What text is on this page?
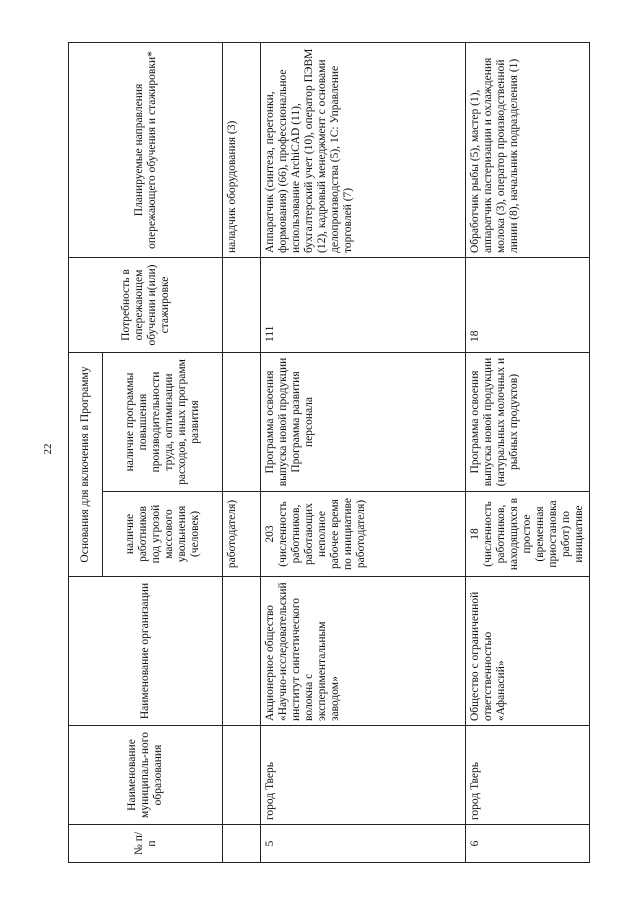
22
№ п/п	Наименование муниципаль-ного образования	Наименование организации	Основания для включения в Программу		Потребность в опережающем обучении и(или) стажировке	Планируемые направления опережающего обучения и стажировки*
			наличие работников под угрозой массового увольнения (человек)	наличие программы повышения производительности труда, оптимизации расходов, иных программ развития		
			работодателя)			наладчик оборудования (3)
5	город Тверь	Акционерное общество «Научно-исследовательский институт синтетического волокна с экспериментальным заводом»	203 (численность работников, работающих неполное рабочее время по инициативе работодателя)	Программа освоения выпуска новой продукции Программа развития персонала	111	Аппаратчик (синтеза, перегонки, формования) (66), профессиональное использование ArchiCAD (11), бухгалтерский учет (10), оператор ПЭВМ (12), кадровый менеджмент с основами делопроизводства (5), 1С: Управление торговлей (7)
6	город Тверь	Общество с ограниченной ответственностью «Афанасий»	18 (численность работников, находящихся в простое (временная приостановка работ) по инициативе	Программа освоения выпуска новой продукции (натуральных молочных и рыбных продуктов)	18	Обработчик рыбы (5), мастер (1), аппаратчик пастеризации и охлаждения молока (3), оператор производственной линии (8), начальник подразделения (1)
